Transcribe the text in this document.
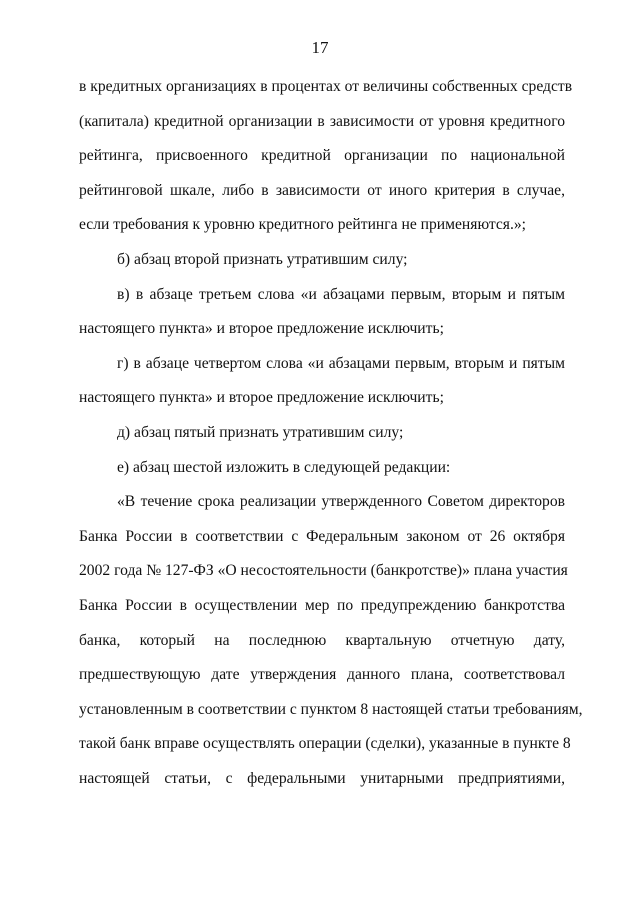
17
в кредитных организациях в процентах от величины собственных средств
(капитала) кредитной организации в зависимости от уровня кредитного
рейтинга, присвоенного кредитной организации по национальной
рейтинговой шкале, либо в зависимости от иного критерия в случае,
если требования к уровню кредитного рейтинга не применяются.»;
б) абзац второй признать утратившим силу;
в) в абзаце третьем слова «и абзацами первым, вторым и пятым
настоящего пункта» и второе предложение исключить;
г) в абзаце четвертом слова «и абзацами первым, вторым и пятым
настоящего пункта» и второе предложение исключить;
д) абзац пятый признать утратившим силу;
е) абзац шестой изложить в следующей редакции:
«В течение срока реализации утвержденного Советом директоров
Банка России в соответствии с Федеральным законом от 26 октября
2002 года № 127-ФЗ «О несостоятельности (банкротстве)» плана участия
Банка России в осуществлении мер по предупреждению банкротства
банка, который на последнюю квартальную отчетную дату,
предшествующую дате утверждения данного плана, соответствовал
установленным в соответствии с пунктом 8 настоящей статьи требованиям,
такой банк вправе осуществлять операции (сделки), указанные в пункте 8
настоящей статьи, с федеральными унитарными предприятиями,
